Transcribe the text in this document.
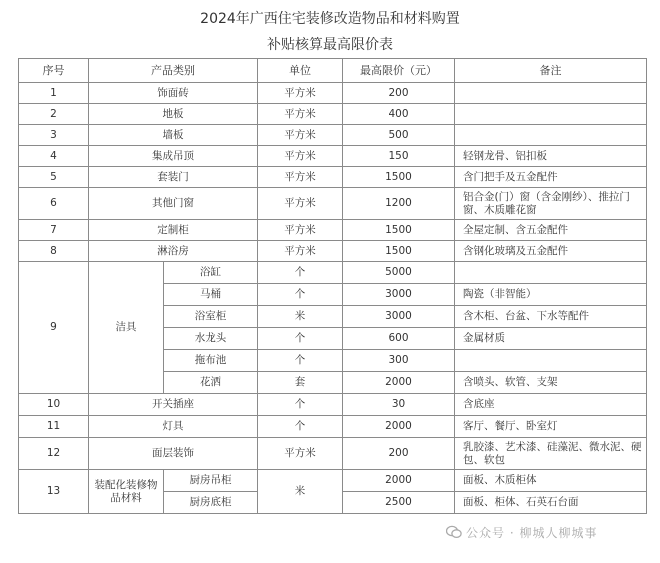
2024年广西住宅装修改造物品和材料购置
补贴核算最高限价表
序号	产品类别		单位	最高限价（元）	备注
1	饰面砖		平方米	200	
2	地板		平方米	400	
3	墙板		平方米	500	
4	集成吊顶		平方米	150	轻钢龙骨、铝扣板
5	套装门		平方米	1500	含门把手及五金配件
6	其他门窗		平方米	1200	铝合金(门）窗（含金刚纱）、推拉门窗、木质雕花窗
7	定制柜		平方米	1500	全屋定制、含五金配件
8	淋浴房		平方米	1500	含钢化玻璃及五金配件
9	洁具	浴缸	个	5000	
		马桶	个	3000	陶瓷（非智能）
		浴室柜	米	3000	含木柜、台盆、下水等配件
		水龙头	个	600	金属材质
		拖布池	个	300	
		花洒	套	2000	含喷头、软管、支架
10	开关插座		个	30	含底座
11	灯具		个	2000	客厅、餐厅、卧室灯
12	面层装饰		平方米	200	乳胶漆、艺术漆、硅藻泥、微水泥、硬包、软包
13	装配化装修物品材料	厨房吊柜	米	2000	面板、木质柜体
		厨房底柜		2500	面板、柜体、石英石台面
公众号 · 柳城人柳城事
